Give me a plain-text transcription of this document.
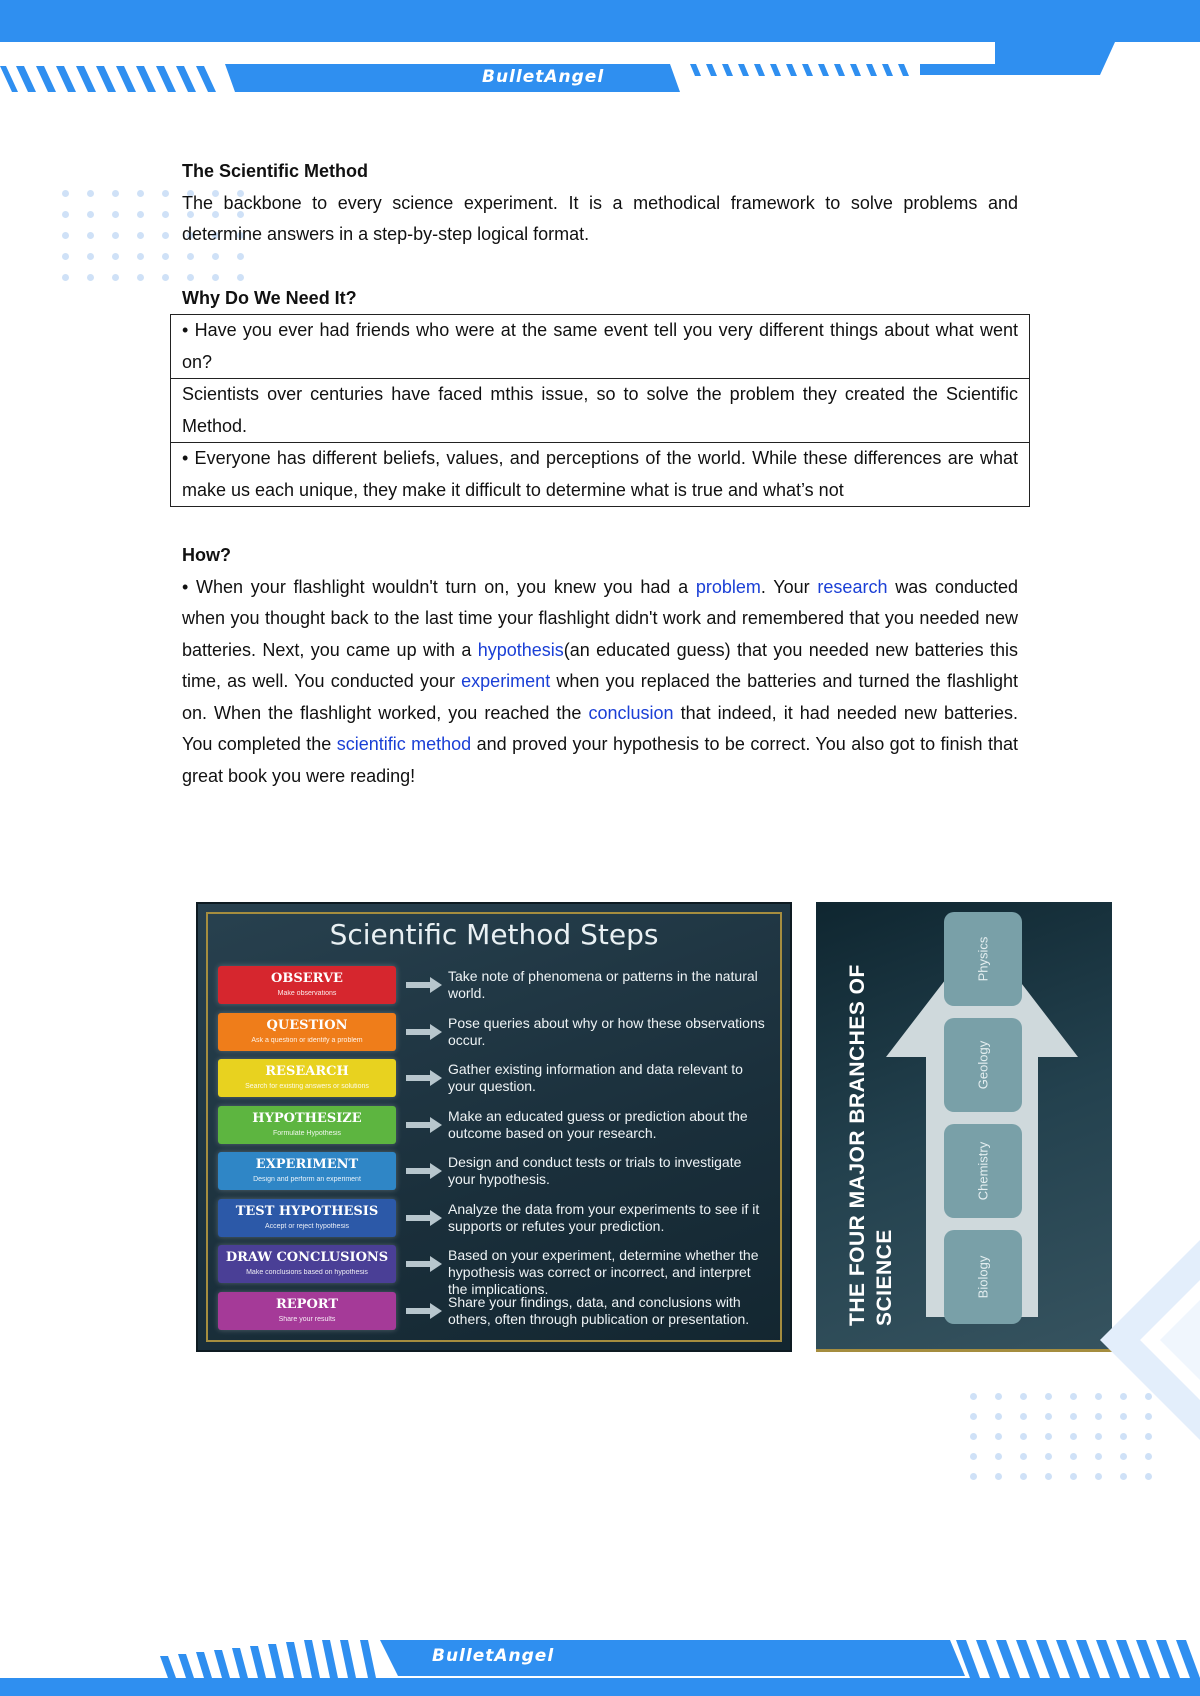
BulletAngel
The Scientific Method
The backbone to every science experiment. It is a methodical framework to solve problems and determine answers in a step-by-step logical format.
Why Do We Need It?
• Have you ever had friends who were at the same event tell you very different things about what went on?
Scientists over centuries have faced mthis issue, so to solve the problem they created the Scientific Method.
• Everyone has different beliefs, values, and perceptions of the world. While these differences are what make us each unique, they make it difficult to determine what is true and what’s not
How?
• When your flashlight wouldn't turn on, you knew you had a problem. Your research was conducted when you thought back to the last time your flashlight didn't work and remembered that you needed new batteries. Next, you came up with a hypothesis(an educated guess) that you needed new batteries this time, as well. You conducted your experiment when you replaced the batteries and turned the flashlight on. When the flashlight worked, you reached the conclusion that indeed, it had needed new batteries. You completed the scientific method and proved your hypothesis to be correct. You also got to finish that great book you were reading!
Scientific Method Steps
OBSERVE
Make observations
Take note of phenomena or patterns in the natural world.
QUESTION
Ask a question or identify a problem
Pose queries about why or how these observations occur.
RESEARCH
Search for existing answers or solutions
Gather existing information and data relevant to your question.
HYPOTHESIZE
Formulate Hypothesis
Make an educated guess or prediction about the outcome based on your research.
EXPERIMENT
Design and perform an experiment
Design and conduct tests or trials to investigate your hypothesis.
TEST HYPOTHESIS
Accept or reject hypothesis
Analyze the data from your experiments to see if it supports or refutes your prediction.
DRAW CONCLUSIONS
Make conclusions based on hypothesis
Based on your experiment, determine whether the hypothesis was correct or incorrect, and interpret the implications.
REPORT
Share your results
Share your findings, data, and conclusions with others, often through publication or presentation.	THE FOUR MAJOR BRANCHES OF SCIENCE
Physics
Geology
Chemistry
Biology
BulletAngel
